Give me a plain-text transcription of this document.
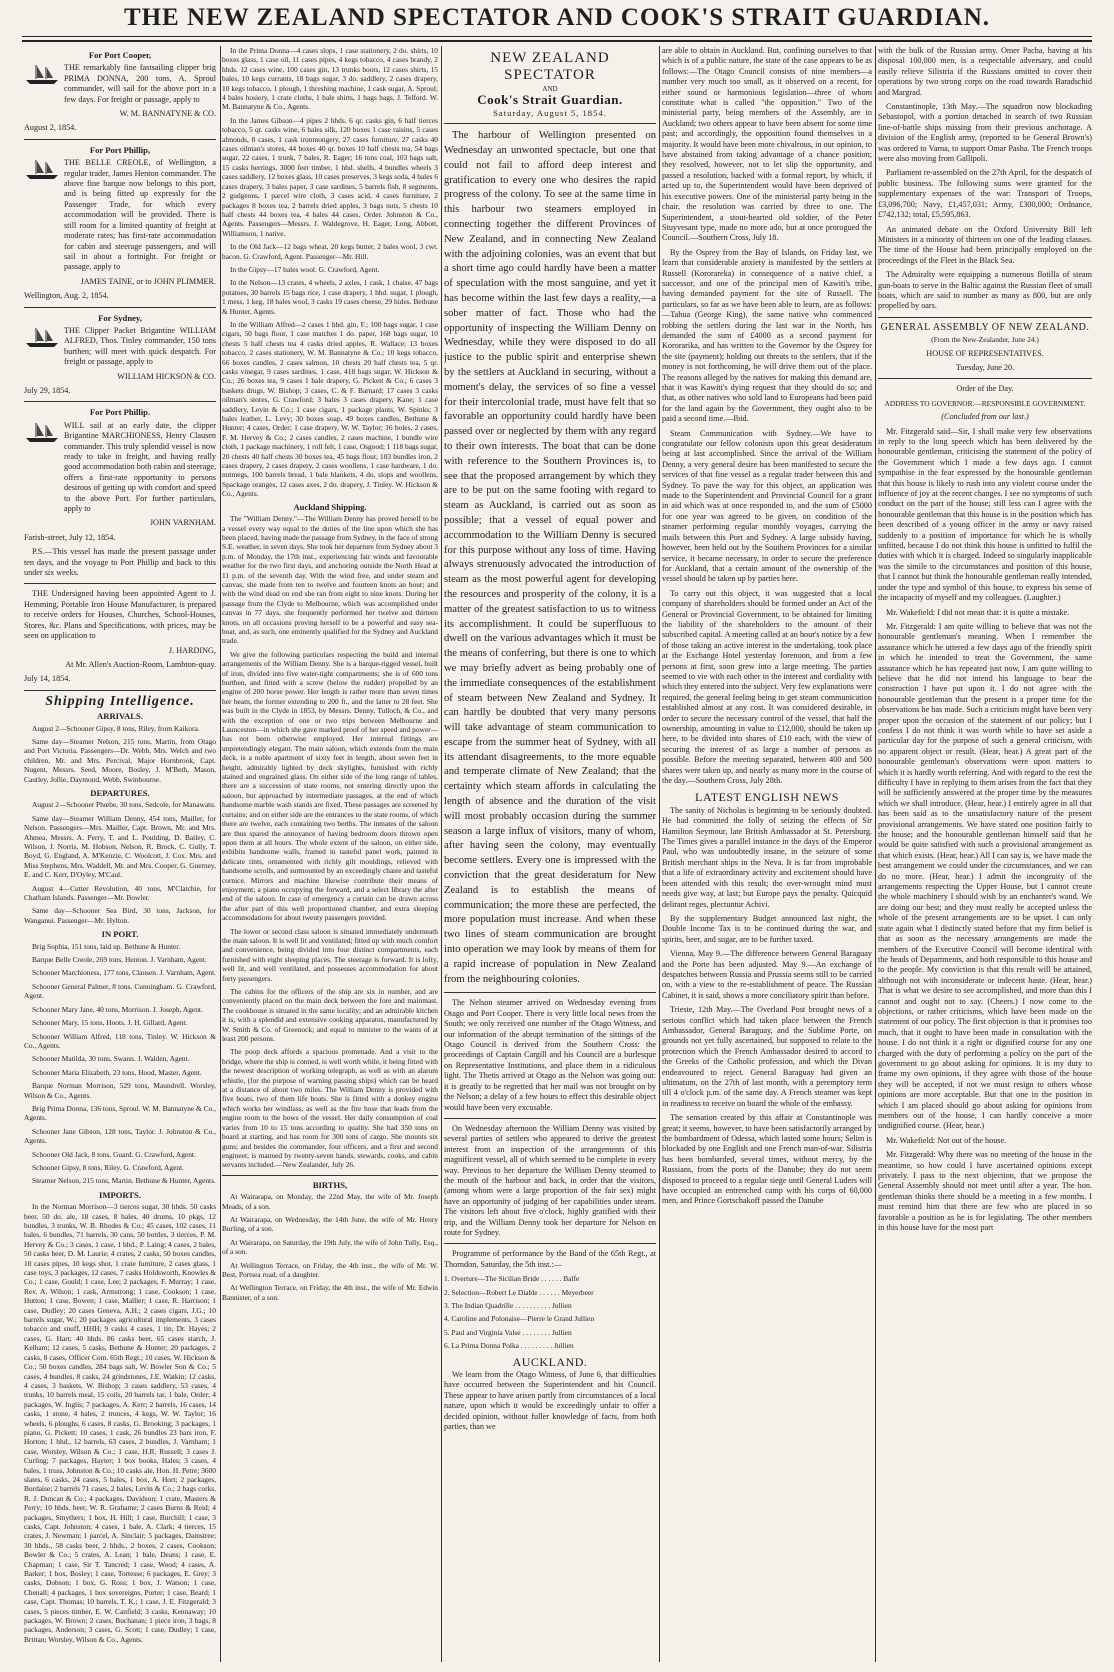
THE NEW ZEALAND SPECTATOR AND COOK'S STRAIT GUARDIAN.
For Port Cooper,

THE remarkably fine fastsailing clipper brig PRIMA DONNA, 200 tons, A. Sproul commander, will sail for the above port in a few days. For freight or passage, apply to

W. M. BANNATYNE & CO.

August 2, 1854.

For Port Phillip,

THE BELLE CREOLE, of Wellington, a regular trader, James Henton commander. The above fine barque now belongs to this port, and is being fitted up expressly for the Passenger Trade, for which every accommodation will be provided. There is still room for a limited quantity of freight at moderate rates; has first-rate accommodation for cabin and steerage passengers, and will sail in about a fortnight. For freight or passage, apply to

JAMES TAINE, or to JOHN PLIMMER.

Wellington, Aug. 2, 1854.

For Sydney,

THE Clipper Packet Brigantine WILLIAM ALFRED, Thos. Tinley commander, 150 tons burthen; will meet with quick despatch. For freight or passage, apply to

WILLIAM HICKSON & CO.

July 29, 1854.

For Port Phillip.

WILL sail at an early date, the clipper Brigantine MARCHIONESS, Henry Clausen commander. This truly splendid vessel is now ready to take in freight, and having really good accommodation both cabin and steerage, offers a first-rate opportunity to persons desirous of getting up with comfort and speed to the above Port. For further particulars, apply to

JOHN VARNHAM.

Farish-street, July 12, 1854.

P.S.—This vessel has made the present passage under ten days, and the voyage to Port Phillip and back to this under six weeks.

THE Undersigned having been appointed Agent to J. Hemming, Portable Iron House Manufacturer, is prepared to receive orders for Houses, Churches, School-Houses, Stores, &c. Plans and Specifications, with prices, may be seen on application to

J. HARDING,

At Mr. Allen's Auction-Room, Lambton-quay.

July 14, 1854.

Shipping Intelligence.
ARRIVALS.

August 2—Schooner Gipsy, 8 tons, Riley, from Kaikora.

Same day—Steamer Nelson, 215 tons, Martin, from Otago and Port Victoria. Passengers—Dr. Webb, Mrs. Welch and two children, Mr. and Mrs. Percival, Major Hornbrook, Capt. Nugent, Messrs. Seed, Moore, Bosley, J. M'Beth, Mason, Cautley, Jollie, Daymond, Webb, Swinbourne.

DEPARTURES.

August 2—Schooner Phœbe, 30 tons, Sedcole, for Manawatu.

Same day—Steamer William Denny, 454 tons, Mailler, for Nelson. Passengers—Mrs. Mailler, Capt. Brown, Mr. and Mrs. Ahmea, Messrs. A. Perry, T. and L. Poulding, D. Bailey, C. Wilson, J. Norris, M. Hobson, Nelson, R. Brock, C. Gully, T. Boyd, G. England, A. M'Kenzie, C. Woolcott, J. Cox. Mrs. and Miss Stephens, Mrs. Waddell, Mr. and Mrs. Cooper, G. Guerney, E. and C. Kerr, D'Oyley, M'Caul.

August 4—Cutter Revolution, 40 tons, M'Clatchie, for Chatham Islands. Passenger—Mr. Bowler.

Same day—Schooner Sea Bird, 30 tons, Jackson, for Wanganui. Passenger—Mr. Hylton.

IN PORT.

Brig Sophia, 151 tons, laid up. Bethune & Hunter.

Barque Belle Creole, 269 tons, Henton. J. Varnham, Agent.

Schooner Marchioness, 177 tons, Clausen. J. Varnham, Agent.

Schooner General Palmer, 8 tons, Cunningham. G. Crawford, Agent.

Schooner Mary Jane, 40 tons, Morrison. J. Joseph, Agent.

Schooner Mary, 15 tons, Hoots. J. H. Gillard, Agent.

Schooner William Alfred, 118 tons, Tinley. W. Hickson & Co., Agents.

Schooner Matilda, 30 tons, Swann. J. Walden, Agent.

Schooner Maria Elizabeth, 23 tons, Hood, Master, Agent.

Barque Norman Morrison, 529 tons, Maundrell. Worsley, Wilson & Co., Agents.

Brig Prima Donna, 136 tons, Sproul. W. M. Bannatyne & Co., Agents.

Schooner Jane Gibson, 128 tons, Taylor. J. Johnston & Co., Agents.

Schooner Old Jack, 8 tons, Guard. G. Crawford, Agent.

Schooner Gipsy, 8 tons, Riley. G. Crawford, Agent.

Steamer Nelson, 215 tons, Martin. Bethune & Hunter, Agents.

IMPORTS.

In the Norman Morrison—3 tierces sugar, 30 hhds. 50 casks beer, 50 do. ale, 18 cases, 8 bales, 40 drums, 10 pkgs, 12 bundles, 3 trunks, W. B. Rhodes & Co.; 45 cases, 102 cases, 11 bales, 6 bundles, 71 barrels, 30 cans, 50 bottles, 3 tierces, P. M. Hervey & Co.; 3 cases, 1 case, 1 bhd., P. Laing; 4 cases, 2 bales, 50 casks beer, D. M. Laurie; 4 crates, 2 casks, 50 boxes candles, 10 cases pipes, 10 kegs shot, 1 crate furniture, 2 cases glass, 1 case toys, 3 packages, 12 cases, 7 casks Holdsworth, Knowles & Co.; 1 case, Gould; 1 case, Lee; 2 packages, F. Murray; 1 case, Rev. A. Wilson; 1 cask, Armstrong; 1 case, Cookson; 1 case, Hutton; 1 case, Bowen; 1 case, Mallier; 1 case, R. Harrison; 1 case, Dudley; 20 cases Geneva, A.H.; 2 cases cigars, J.G.; 10 barrels sugar, W.; 20 packages agricultural implements, 3 cases tobacco and snuff, HHH; 9 casks 4 cases, 1 tin, Dr. Hayes; 2 cases, G. Hart; 40 hhds. 86 casks beer, 65 cases starch, J. Kelham; 12 cases, 5 casks, Bethune & Hunter; 20 packages, 2 casks, 8 cases, Officer Com. 65th Regt.; 10 cases, W. Hickson & Co.; 50 boxes candles, 284 bags salt, W. Bowler Son & Co.; 5 cases, 4 bundles, 8 casks, 24 grindstones, J.E. Watkin; 12 casks, 4 cases, 3 baskets, W. Bishop; 3 cases saddlery, 53 cases, 4 trunks, 10 barrels meal, 15 coils, 20 barrels tar, 1 bale, Order; 4 packages, W. Inglis; 7 packages, A. Kerr; 2 barrels, 16 cases, 14 casks, 1 stone, 4 bales, 2 trunces, 4 kegs, W. W. Taylor; 16 wheels, 6 ploughs, 6 cases, 8 casks, G. Brooking; 3 packages, 1 piano, G. Pickett; 10 cases, 1 cask, 26 bundles 23 bars iron, F. Horton; 1 hhd., 12 barrels, 63 cases, 2 bundles, J. Varnham; 1 case, Worsley, Wilson & Co.; 1 case, H.R. Russell; 3 cases J. Curling; 7 packages, Hayter; 1 box books, Hales; 3 cases, 4 bales, 1 truss, Johnston & Co.; 10 casks ale, Hon. H. Petre; 3600 slates, 6 casks, 24 cases, 5 bales, 1 box, A. Hort; 2 packages, Bordaise; 2 barrels 71 cases, 2 bales, Levin & Co.; 2 bags corks, R. J. Duncan & Co.; 4 packages, Davidson; 1 crate, Masters & Perry; 10 hhds. beer, W. R. Grahame; 2 cases Burns & Reid; 4 packages, Smythers; 1 box, H. Hill; 1 case, Burchill; 1 case, 3 casks, Capt. Johnston; 4 cases, 1 bale, A. Clark; 4 tierces, 15 crates, J. Newman; 1 parcel, A. Sinclair; 5 packages, Dainstree; 30 hhds., 58 casks beer, 2 hhds., 2 boxes, 2 cases, Cookson; Bowler & Co.; 5 crates, A. Lean; 1 bale, Deans; 1 case, E. Chapman; 1 case, Sir T. Tancred; 1 case, Wood; 4 cases, A. Barker; 1 box, Bosley; 1 case, Tortesse; 6 packages, E. Grey; 3 casks, Dobson; 1 box, G. Ross; 1 box, J. Watson; 1 case, Chenall; 4 packages, 1 box sovereigns, Porter; 1 case, Beard; 1 case, Capt. Thomas; 10 barrels, T. K.; 1 case, J. E. Fitzgerald; 3 cases, 5 pieces timber, E. W. Canfield; 3 casks, Kennaway; 10 packages, W. Brown; 2 cases, Buchanan; 1 piece iron, 3 bags, 8 packages, Anderson; 3 cases, G. Scott; 1 case, Dudley; 1 case, Brittan; Worsley, Wilson & Co., Agents.

In the Prima Donna—4 cases slops, 1 case stationery, 2 do. shirts, 10 boxes glass, 1 case oil, 11 cases pipes, 4 kegs tobacco, 4 cases brandy, 2 hhds. 12 cases wine, 100 cases gin, 13 trunks boots, 12 cases shirts, 15 bales, 10 kegs currants, 18 bags sugar, 3 do. saddlery, 2 cases drapery, 10 kegs tobacco, 1 plough, 1 threshing machine, 1 cask sugar, A. Sproul; 4 bales hosiery, 1 crate cloths, 1 bale shirts, 1 bags bags, J. Telford. W. M. Bannatyne & Co., Agents.

In the James Gibson—4 pipes 2 hhds. 6 qr. casks gin, 6 half tierces tobacco, 5 qr. casks wine, 6 bales silk, 120 boxes 1 case raisins, 5 cases almonds, 8 cases, 1 cask ironmongery, 27 cases furniture, 27 casks 40 cases oilman's stores, 44 boxes 40 qr. boxes 10 half chests tea, 54 bags sugar, 22 cases, 1 trunk, 7 bales, R. Eager; 16 tons coal, 103 bags salt, 15 casks herrings, 3000 feet timber, 1 hhd. shells, 4 bundles wheels 3 cases saddlery, 12 boxes glass, 10 cases preserves, 3 kegs soda, 4 bales 6 cases drapery, 3 bales paper, 3 case sardines, 5 barrels fish, 8 segments, 2 gudgeons, 1 parcel wire cloth, 3 cases acid, 4 cases furniture, 2 packages 8 boxes tea, 2 barrels dried apples, 3 bags nuts, 5 chests 10 half chests 44 boxes tea, 4 bales 44 cases, Order. Johnston & Co., Agents. Passengers—Messrs. J. Waldegrove, H. Eager, Long, Abbott, Williamson, 1 native.

In the Old Jack—12 bags wheat, 20 kegs butter, 2 bales wool, 3 cwt. bacon. G. Crawford, Agent. Passenger—Mr. Hill.

In the Gipsy—17 bales wool. G. Crawford, Agent.

In the Nelson—13 crates, 4 wheels, 2 axles, 1 cask, 1 chaise, 47 bags potatoes, 30 barrels 15 bags rice, 1 case drapery, 1 hhd. sugar, 1 plough, 1 mess, 1 keg, 18 bales wool, 3 casks 19 cases cheese, 29 hides. Bethune & Hunter, Agents.

In the William Alfred—2 cases 1 hhd. gin, F.; 100 bags sugar, 1 case cigars, 50 bags flour, 1 case matches 1 do. paper, 168 bags sugar, 10 chests 5 half chests tea 4 casks dried apples, R. Wallace; 13 boxes tobacco, 2 cases stationery, W. M. Bannatyne & Co.; 10 kegs tobacco, 66 boxes candles, 2 cases salmon, 10 chests 20 half chests tea, 5 qr. casks vinegar, 9 cases sardines, 1 case, 418 bags sugar, W. Hickson & Co.; 26 boxes tea, 9 cases 1 bale drapery, G. Pickett & Co.; 6 cases 3 baskets drugs, W. Bishop; 3 cases, C. & F. Barnard; 17 cases 3 casks oilman's stores, G. Crawford; 3 bales 3 cases drapery, Kane; 1 case saddlery, Levin & Co.; 1 case cigars, 1 package plants, W. Spinks; 3 bales leather, L. Levy; 30 boxes soap, 49 boxes candles, Bethune & Hunter; 4 cases, Order; 1 case drapery, W. W. Taylor; 16 boles, 2 cases, F. M. Hervey & Co.; 2 cases candles, 2 cases machine, 1 bundle wire cloth, 1 package machinery, 1 roll felt, 1 case, Osgood; 1 118 bags sugar, 20 chests 40 half chests 30 boxes tea, 45 bags flour, 103 bundles iron, 2 cases drapery, 2 cases drapery, 2 cases woollens, 1 case hardware, 1 do. nutmegs, 100 barrels bread, 1 bale blankets, 4 do. slops and woollens, Spackage oranges, 12 cases axes, 2 do. drapery, J. Tinley. W. Hickson & Co., Agents.

Auckland Shipping.

The "William Denny."—The William Denny has proved herself to be a vessel every way equal to the duties of the line upon which she has been placed, having made the passage from Sydney, in the face of strong S.E. weather, in seven days. She took her departure from Sydney about 3 p.m. of Monday, the 17th inst., experiencing fair winds and favourable weather for the two first days, and anchoring outside the North Head at 11 p.m. of the seventh day. With the wind free, and under steam and canvas, she made from ten to twelve and fourteen knots an hour; and with the wind dead on end she ran from eight to nine knots. During her passage from the Clyde to Melbourne, which was accomplished under canvas in 77 days, she frequently performed her twelve and thirteen knots, on all occasions proving herself to be a powerful and easy sea-boat, and, as such, one eminently qualified for the Sydney and Auckland trade.

We give the following particulars respecting the build and internal arrangements of the William Denny. She is a barque-rigged vessel, built of iron, divided into five water-tight compartments; she is of 600 tons burthen, and fitted with a screw (below the rudder) propelled by an engine of 200 horse power. Her length is rather more than seven times her beam, the former extending to 200 ft., and the latter to 28 feet. She was built in the Clyde in 1853, by Messrs. Denny, Tulloch, & Co., and with the exception of one or two trips between Melbourne and Launceston—in which she gave marked proof of her speed and power—has not been otherwise employed. Her internal fittings are unpretendingly elegant. The main saloon, which extends from the main deck, is a noble apartment of sixty feet in length, about seven feet in height, admirably lighted by deck skylights, furnished with richly stained and engrained glass. On either side of the long range of tables, there are a succession of state rooms, not entering directly upon the saloon, but approached by intermediate passages, at the end of which handsome marble wash stands are fixed. These passages are screened by curtains; and on either side are the entrances to the state rooms, of which there are twelve, each containing two berths. The inmates of the saloon are thus spared the annoyance of having bedroom doors thrown open upon them at all hours. The whole extent of the saloon, on either side, exhibits handsome walls, framed in tasteful panel work, painted in delicate tints, ornamented with richly gilt mouldings, relieved with handsome scrolls, and surmounted by an exceedingly chaste and tasteful cornice. Mirrors and machine likewise contribute their means of enjoyment; a piano occupying the forward, and a select library the after end of the saloon. In case of emergency a curtain can be drawn across the after part of this well proportioned chamber, and extra sleeping accommodations for about twenty passengers provided.

The lower or second class saloon is situated immediately underneath the main saloon. It is well lit and ventilated; fitted up with much comfort and convenience, being divided into four distinct compartments, each furnished with eight sleeping places. The steerage is forward. It is lofty, well lit, and well ventilated, and possesses accommodation for about forty passengers.

The cabins for the officers of the ship are six in number, and are conveniently placed on the main deck between the fore and mainmast. The cookhouse is situated in the same locality; and an admirable kitchen it is, with a splendid and extensive cooking apparatus, manufactured by W. Smith & Co. of Greenock; and equal to minister to the wants of at least 200 persons.

The poop deck affords a spacious promenade. And a visit to the bridge, where the ship is conned, is well worth while, it being fitted with the newest description of working telegraph, as well as with an alarum whistle, (for the purpose of warning passing ships) which can be heard at a distance of about two miles. The William Denny is provided with five boats, two of them life boats. She is fitted with a donkey engine which works her windlass, as well as the fire hose that leads from the engine room to the bows of the vessel. Her daily consumption of coal varies from 10 to 15 tons according to quality. She had 350 tons on board at starting, and has room for 300 tons of cargo. She mounts six guns; and besides the commander, four officers, and a first and second engineer, is manned by twenty-seven hands, stewards, cooks, and cabin servants included.—New Zealander, July 26.

BIRTHS,

At Wairarapa, on Monday, the 22nd May, the wife of Mr. Joseph Meads, of a son.

At Wairarapa, on Wednesday, the 14th June, the wife of Mr. Henry Burling, of a son.

At Wairarapa, on Saturday, the 19th July, the wife of John Tully, Esq., of a son.

At Wellington Terrace, on Friday, the 4th inst., the wife of Mr. W. Best, Portsea road, of a daughter.

At Wellington Terrace, on Friday, the 4th inst., the wife of Mr. Edwin Bannister, of a son.

NEW ZEALAND SPECTATOR
AND
Cook's Strait Guardian.
Saturday, August 5, 1854.

The harbour of Wellington presented on Wednesday an unwonted spectacle, but one that could not fail to afford deep interest and gratification to every one who desires the rapid progress of the colony. To see at the same time in this harbour two steamers employed in connecting together the different Provinces of New Zealand, and in connecting New Zealand with the adjoining colonies, was an event that but a short time ago could hardly have been a matter of speculation with the most sanguine, and yet it has become within the last few days a reality,—a sober matter of fact. Those who had the opportunity of inspecting the William Denny on Wednesday, while they were disposed to do all justice to the public spirit and enterprise shewn by the settlers at Auckland in securing, without a moment's delay, the services of so fine a vessel for their intercolonial trade, must have felt that so favorable an opportunity could hardly have been passed over or neglected by them with any regard to their own interests. The boat that can be done with reference to the Southern Provinces is, to see that the proposed arrangement by which they are to be put on the same footing with regard to steam as Auckland, is carried out as soon as possible; that a vessel of equal power and accommodation to the William Denny is secured for this purpose without any loss of time. Having always strenuously advocated the introduction of steam as the most powerful agent for developing the resources and prosperity of the colony, it is a matter of the greatest satisfaction to us to witness its accomplishment. It could be superfluous to dwell on the various advantages which it must be the means of conferring, but there is one to which we may briefly advert as being probably one of the immediate consequences of the establishment of steam between New Zealand and Sydney. It can hardly be doubted that very many persons will take advantage of steam communication to escape from the summer heat of Sydney, with all its attendant disagreements, to the more equable and temperate climate of New Zealand; that the certainty which steam affords in calculating the length of absence and the duration of the visit will most probably occasion during the summer season a large influx of visitors, many of whom, after having seen the colony, may eventually become settlers. Every one is impressed with the conviction that the great desideratum for New Zealand is to establish the means of communication; the more these are perfected, the more population must increase. And when these two lines of steam communication are brought into operation we may look by means of them for a rapid increase of population in New Zealand from the neighbouring colonies.

The Nelson steamer arrived on Wednesday evening from Otago and Port Cooper. There is very little local news from the South; we only received one number of the Otago Witness, and our information of the abrupt termination of the sittings of the Otago Council is derived from the Southern Cross: the proceedings of Captain Cargill and his Council are a burlesque on Representative Institutions, and place them in a ridiculous light. The Thetis arrived at Otago as the Nelson was going out: it is greatly to be regretted that her mail was not brought on by the Nelson; a delay of a few hours to effect this desirable object would have been very excusable.

On Wednesday afternoon the William Denny was visited by several parties of settlers who appeared to derive the greatest interest from an inspection of the arrangements of this magnificent vessel, all of which seemed to be complete in every way. Previous to her departure the William Denny steamed to the mouth of the harbour and back, in order that the visitors, (among whom were a large proportion of the fair sex) might have an opportunity of judging of her capabilities under steam. The visitors left about five o'clock, highly gratified with their trip, and the William Denny took her departure for Nelson en route for Sydney.

Programme of performance by the Band of the 65th Regt., at Thorndon, Saturday, the 5th inst.:—

1. Overture—The Sicilian Bride . . . . . . Balfe

2. Selection—Robert Le Diable . . . . . . Meyerbeer

3. The Indian Quadrille . . . . . . . . . . Jullien

4. Caroline and Polonaise—Pierre le Grand Jullien

5. Paul and Virginia Valse . . . . . . . . Jullien

6. La Prima Donna Polka . . . . . . . . . Jullien

AUCKLAND.

We learn from the Otago Witness, of June 6, that difficulties have occurred between the Superintendent and his Council. These appear to have arisen partly from circumstances of a local nature, upon which it would be exceedingly unfair to offer a decided opinion, without fuller knowledge of facts, from both parties, than we

are able to obtain in Auckland. But, confining ourselves to that which is of a public nature, the state of the case appears to be as follows:—The Otago Council consists of nine members—a number very much too small, as it observed on a recent, for either sound or harmonious legislation—three of whom constitute what is called "the opposition." Two of the ministerial party, being members of the Assembly, are in Auckland; two others appear to have been absent for some time past; and accordingly, the opposition found themselves in a majority. It would have been more chivalrous, in our opinion, to have abstained from taking advantage of a chance position; they resolved, however, not to let slip the opportunity, and passed a resolution, backed with a formal report, by which, if acted up to, the Superintendent would have been deprived of his executive powers. One of the ministerial party being in the chair, the resolution was carried by three to one. The Superintendent, a stout-hearted old soldier, of the Peter Stuyvesant type, made no more ado, but at once prorogued the Council.—Southern Cross, July 18.

By the Osprey from the Bay of Islands, on Friday last, we learn that considerable anxiety is manifested by the settlers at Russell (Kororareka) in consequence of a native chief, a successor, and one of the principal men of Kawiti's tribe, having demanded payment for the site of Russell. The particulars, so far as we have been able to learn, are as follows:—Tahua (George King), the same native who commenced robbing the settlers during the last war in the North, has demanded the sum of £4000 as a second payment for Kororarika, and has written to the Governor by the Osprey for the site (payment); holding out threats to the settlers, that if the money is not forthcoming, he will drive them out of the place. The reasons alleged by the natives for making this demand are, that it was Kawiti's dying request that they should do so; and that, as other natives who sold land to Europeans had been paid for the land again by the Government, they ought also to be paid a second time.—Ibid.

Steam Communication with Sydney.—We have to congratulate our fellow colonists upon this great desideratum being at last accomplished. Since the arrival of the William Denny, a very general desire has been manifested to secure the services of that fine vessel as a regular trader between this and Sydney. To pave the way for this object, an application was made to the Superintendent and Provincial Council for a grant in aid which was at once responded to, and the sum of £5000 for one year was agreed to be given, on condition of the steamer performing regular monthly voyages, carrying the mails between this Port and Sydney. A large subsidy having, however, been held out by the Southern Provinces for a similar service, it became necessary, in order to secure the preference for Auckland, that a certain amount of the ownership of the vessel should be taken up by parties here.

To carry out this object, it was suggested that a local company of shareholders should be formed under an Act of the General or Provincial Government, to be obtained for limiting the liability of the shareholders to the amount of their subscribed capital. A meeting called at an hour's notice by a few of those taking an active interest in the undertaking, took place at the Exchange Hotel yesterday forenoon, and from a few persons at first, soon grew into a large meeting. The parties seemed to vie with each other in the interest and cordiality with which they entered into the subject. Very few explanations were required, the general feeling being to get steam communication established almost at any cost. It was considered desirable, in order to secure the necessary control of the vessel, that half the ownership, amounting in value to £12,000, should be taken up here, to be divided into shares of £10 each, with the view of securing the interest of as large a number of persons as possible. Before the meeting separated, between 400 and 500 shares were taken up, and nearly as many more in the course of the day.—Southern Cross, July 28th.

LATEST ENGLISH NEWS

The sanity of Nicholas is beginning to be seriously doubted. He had committed the folly of seizing the effects of Sir Hamilton Seymour, late British Ambassador at St. Petersburg. The Times gives a parallel instance in the days of the Emperor Paul, who was undoubtedly insane, in the seizure of some British merchant ships in the Neva. It is far from improbable that a life of extraordinary activity and excitement should have been attended with this result; the over-wrought mind must needs give way, at last; but Europe pays the penalty. Quicquid delirant reges, plectuntur Achivi.

By the supplementary Budget announced last night, the Double Income Tax is to be continued during the war, and spirits, beer, and sugar, are to be further taxed.

Vienna, May 9.—The difference between General Baraguay and the Porte has been adjusted. May 9.—An exchange of despatches between Russia and Prussia seems still to be carried on, with a view to the re-establishment of peace. The Russian Cabinet, it is said, shows a more conciliatory spirit than before.

Trieste, 12th May.—The Overland Post brought news of a serious conflict which had taken place between the French Ambassador, General Baraguay, and the Sublime Porte, on grounds not yet fully ascertained, but supposed to relate to the protection which the French Ambassador desired to accord to the Greeks of the Catholic profession, and which the Divan endeavoured to reject. General Baraguay had given an ultimatum, on the 27th of last month, with a peremptory term till 4 o'clock p.m. of the same day. A French steamer was kept in readiness to receive on board the whole of the embassy.

The sensation created by this affair at Constantinople was great; it seems, however, to have been satisfactorily arranged by the bombardment of Odessa, which lasted some hours; Selim is blockaded by one English and one French man-of-war. Silistria has been bombarded, several times, without mercy, by the Russians, from the ports of the Danube; they do not seem disposed to proceed to a regular siege until General Luders will have occupied an entrenched camp with his corps of 60,000 men, and Prince Gortschakoff passed the Danube

with the bulk of the Russian army. Omer Pacha, having at his disposal 100,000 men, is a respectable adversary, and could easily relieve Silistria if the Russians omitted to cover their operations by two strong corps on the road towards Baradschid and Margrad.

Constantinople, 13th May.—The squadron now blockading Sebastopol, with a portion detached in search of two Russian line-of-battle ships missing from their previous anchorage. A division of the English army, (reported to be General Brown's) was ordered to Varna, to support Omar Pasha. The French troops were also moving from Gallipoli.

Parliament re-assembled on the 27th April, for the despatch of public business. The following sums were granted for the supplementary expenses of the war: Transport of Troops, £3,096,700; Navy, £1,457,031; Army, £300,000; Ordnance, £742,132; total, £5,595,863.

An animated debate on the Oxford University Bill left Ministers in a minority of thirteen on one of the leading clauses. The time of the House had been principally employed on the proceedings of the Fleet in the Black Sea.

The Admiralty were equipping a numerous flotilla of steam gun-boats to serve in the Baltic against the Russian fleet of small boats, which are said to number as many as 800, but are only propelled by oars.

GENERAL ASSEMBLY OF NEW ZEALAND.

(From the New-Zealander, June 24.)

HOUSE OF REPRESENTATIVES.

Tuesday, June 20.

Order of the Day.

ADDRESS TO GOVERNOR.—RESPONSIBLE GOVERNMENT.

(Concluded from our last.)

Mr. Fitzgerald said—Sir, I shall make very few observations in reply to the long speech which has been delivered by the honourable gentleman, criticising the statement of the policy of the Government which I made a few days ago. I cannot sympathise in the fear expressed by the honourable gentleman that this house is likely to rush into any violent course under the influence of joy at the recent changes. I see no symptoms of such conduct on the part of the house; still less can I agree with the honourable gentleman that this house is in the position which has been described of a young officer in the army or navy raised suddenly to a position of importance for which he is wholly unfitted, because I do not think this house is unfitted to fulfil the duties with which it is charged. Indeed so singularly inapplicable was the simile to the circumstances and position of this house, that I cannot but think the honourable gentleman really intended, under the type and symbol of this house, to express his sense of the incapacity of myself and my colleagues. (Laughter.)

Mr. Wakefield: I did not mean that: it is quite a mistake.

Mr. Fitzgerald: I am quite willing to believe that was not the honourable gentleman's meaning. When I remember the assurance which he uttered a few days ago of the friendly spirit in which he intended to treat the Government, the same assurance which he has repeated just now, I am quite willing to believe that he did not intend his language to bear the construction I have put upon it. I do not agree with the honourable gentleman that the present is a proper time for the observations he has made. Such a criticism might have been very proper upon the occasion of the statement of our policy; but I confess I do not think it was worth while to have set aside a particular day for the purpose of such a general criticism, with no apparent object or result. (Hear, hear.) A great part of the honourable gentleman's observations were upon matters to which it is hardly worth referring. And with regard to the rest the difficulty I have in replying to them arises from the fact that they will be sufficiently answered at the proper time by the measures which we shall introduce. (Hear, hear.) I entirely agree in all that has been said as to the unsatisfactory nature of the present provisional arrangements. We have stated one position fairly to the house; and the honourable gentleman himself said that he would be quite satisfied with such a provisional arrangement as that which exists. (Hear, hear.) All I can say is, we have made the best arrangement we could under the circumstances, and we can do no more. (Hear, hear.) I admit the incongruity of the arrangements respecting the Upper House, but I cannot create the whole machinery I should wish by an enchanter's wand. We are doing our best; and they must really be accepted unless the whole of the present arrangements are to be upset. I can only state again what I distinctly stated before that my firm belief is that as soon as the necessary arrangements are made the members of the Executive Council will become identical with the heads of Departments, and both responsible to this house and to the people. My conviction is that this result will be attained, although not with inconsiderate or indecent haste. (Hear, hear.) That is what we desire to see accomplished, and more than this I cannot and ought not to say. (Cheers.) I now come to the objections, or rather criticisms, which have been made on the statement of our policy. The first objection is that it promises too much, that it ought to have been made in consultation with the house. I do not think it a right or dignified course for any one charged with the duty of performing a policy on the part of the government to go about asking for opinions. It is my duty to frame my own opinions, if they agree with those of the house they will be accepted, if not we must resign to others whose opinions are more acceptable. But that one in the position in which I am placed should go about asking for opinions from members out of the house, I can hardly conceive a more undignified course. (Hear, hear.)

Mr. Wakefield: Not out of the house.

Mr. Fitzgerald: Why there was no meeting of the house in the meantime, so how could I have ascertained opinions except privately. I pass to the next objection, that we propose the General Assembly should not meet until after a year. The hon. gentleman thinks there should be a meeting in a few months. I must remind him that there are few who are placed in so favorable a position as he is for legislating. The other members in this house have for the most part
